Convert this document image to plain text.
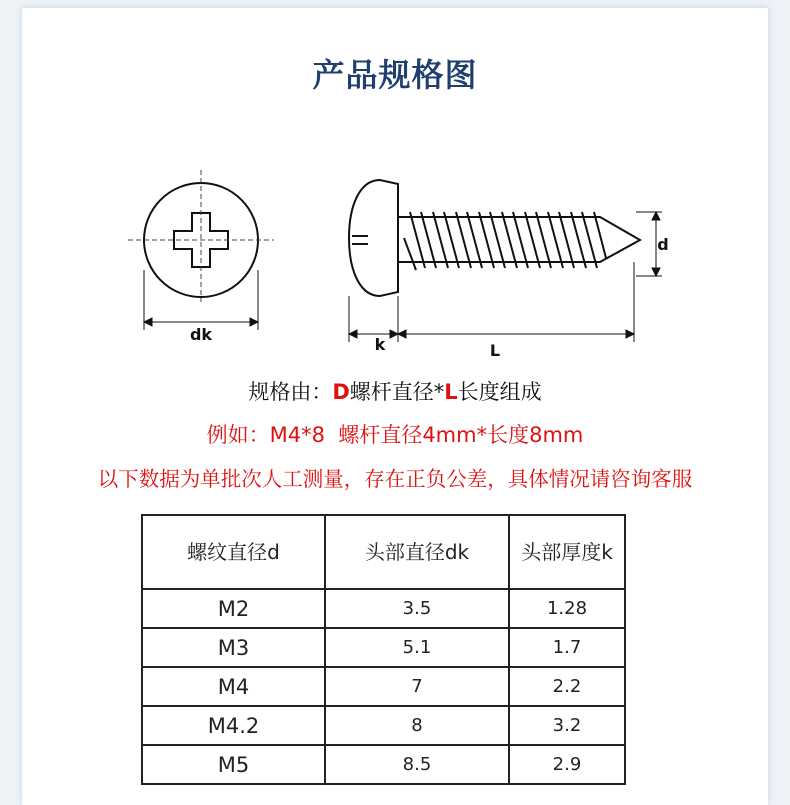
产品规格图
dk
k	L
d
规格由：D螺杆直径*L长度组成
例如：M4*8  螺杆直径4mm*长度8mm
以下数据为单批次人工测量，存在正负公差，具体情况请咨询客服
螺纹直径d	头部直径dk	头部厚度k
M2	3.5	1.28
M3	5.1	1.7
M4	7	2.2
M4.2	8	3.2
M5	8.5	2.9
